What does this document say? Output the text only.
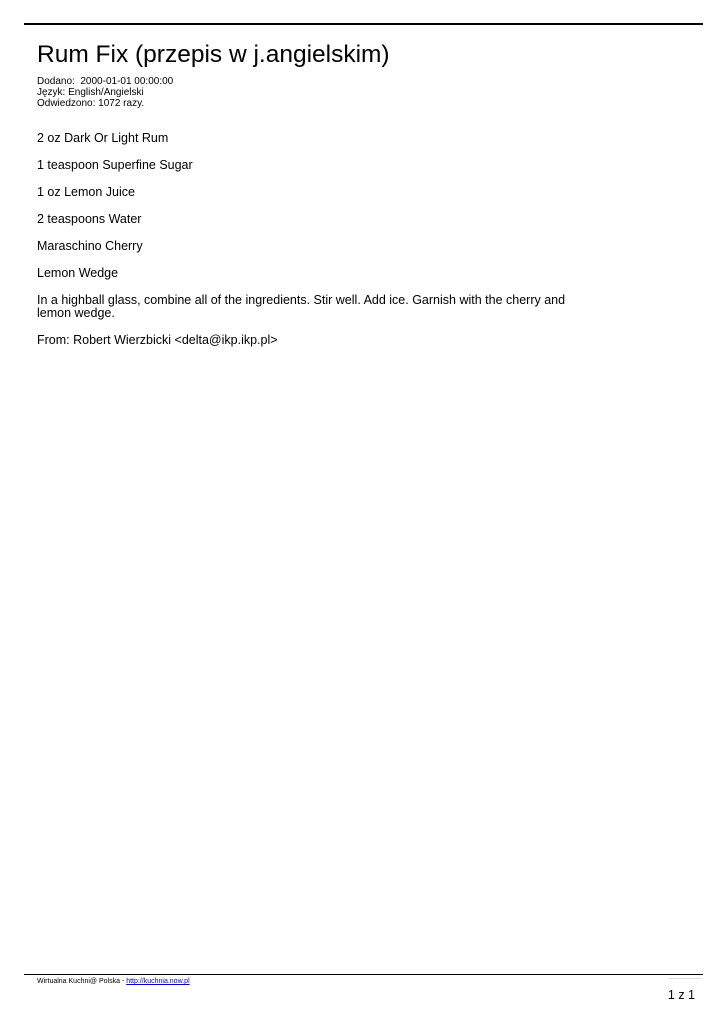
Rum Fix (przepis w j.angielskim)
Dodano:  2000-01-01 00:00:00
Język: English/Angielski
Odwiedzono: 1072 razy.

2 oz Dark Or Light Rum

1 teaspoon Superfine Sugar

1 oz Lemon Juice

2 teaspoons Water

Maraschino Cherry

Lemon Wedge

In a highball glass, combine all of the ingredients. Stir well. Add ice. Garnish with the cherry and lemon wedge.

From: Robert Wierzbicki <delta@ikp.ikp.pl>

Wirtualna Kuchni@ Polska - http://kuchnia.now.pl
1 z 1
